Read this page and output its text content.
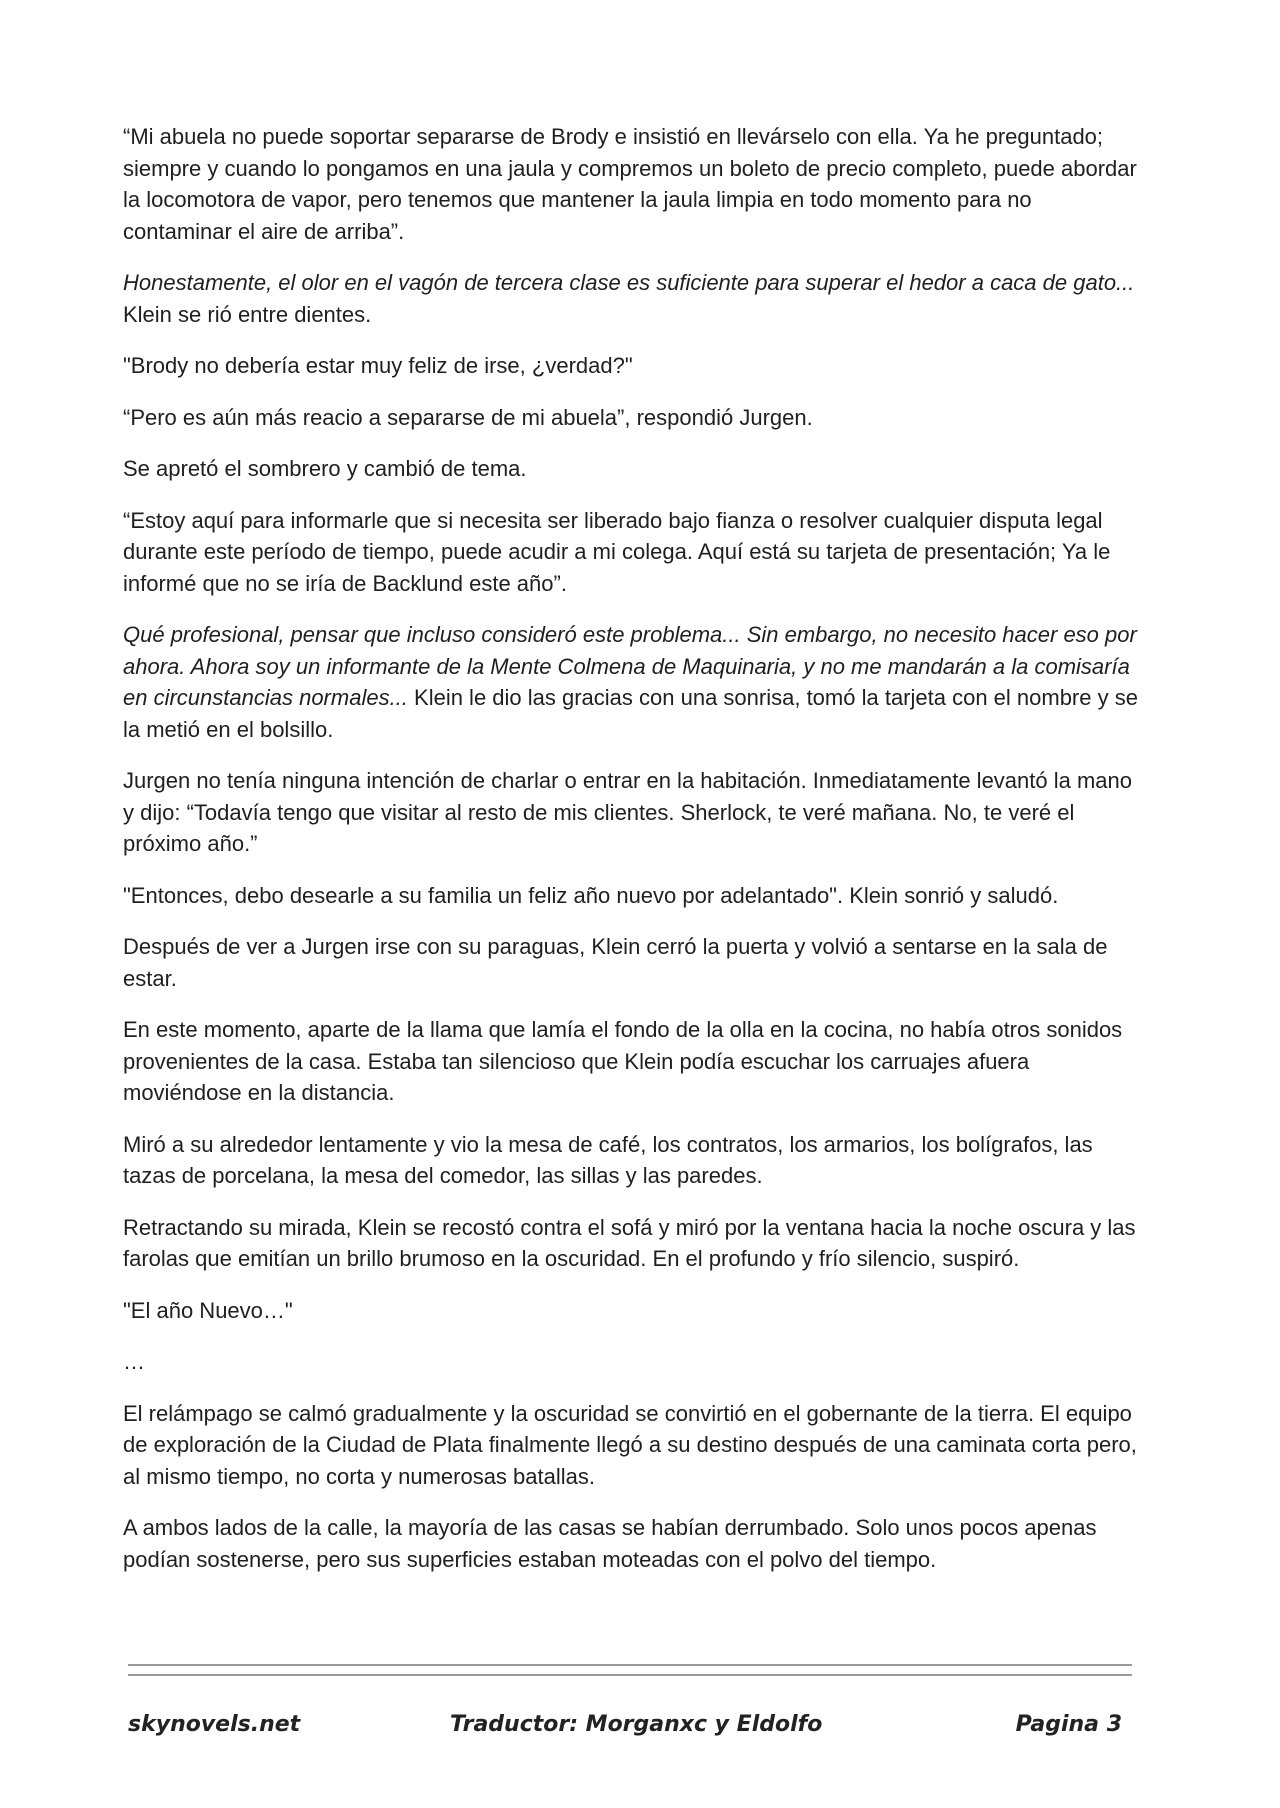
“Mi abuela no puede soportar separarse de Brody e insistió en llevárselo con ella. Ya he preguntado; siempre y cuando lo pongamos en una jaula y compremos un boleto de precio completo, puede abordar la locomotora de vapor, pero tenemos que mantener la jaula limpia en todo momento para no contaminar el aire de arriba”.

Honestamente, el olor en el vagón de tercera clase es suficiente para superar el hedor a caca de gato... Klein se rió entre dientes.

"Brody no debería estar muy feliz de irse, ¿verdad?"

“Pero es aún más reacio a separarse de mi abuela”, respondió Jurgen.

Se apretó el sombrero y cambió de tema.

“Estoy aquí para informarle que si necesita ser liberado bajo fianza o resolver cualquier disputa legal durante este período de tiempo, puede acudir a mi colega. Aquí está su tarjeta de presentación; Ya le informé que no se iría de Backlund este año”.

Qué profesional, pensar que incluso consideró este problema... Sin embargo, no necesito hacer eso por ahora. Ahora soy un informante de la Mente Colmena de Maquinaria, y no me mandarán a la comisaría en circunstancias normales... Klein le dio las gracias con una sonrisa, tomó la tarjeta con el nombre y se la metió en el bolsillo.

Jurgen no tenía ninguna intención de charlar o entrar en la habitación. Inmediatamente levantó la mano y dijo: “Todavía tengo que visitar al resto de mis clientes. Sherlock, te veré mañana. No, te veré el próximo año.”

"Entonces, debo desearle a su familia un feliz año nuevo por adelantado". Klein sonrió y saludó.

Después de ver a Jurgen irse con su paraguas, Klein cerró la puerta y volvió a sentarse en la sala de estar.

En este momento, aparte de la llama que lamía el fondo de la olla en la cocina, no había otros sonidos provenientes de la casa. Estaba tan silencioso que Klein podía escuchar los carruajes afuera moviéndose en la distancia.

Miró a su alrededor lentamente y vio la mesa de café, los contratos, los armarios, los bolígrafos, las tazas de porcelana, la mesa del comedor, las sillas y las paredes.

Retractando su mirada, Klein se recostó contra el sofá y miró por la ventana hacia la noche oscura y las farolas que emitían un brillo brumoso en la oscuridad. En el profundo y frío silencio, suspiró.

"El año Nuevo…"

…

El relámpago se calmó gradualmente y la oscuridad se convirtió en el gobernante de la tierra. El equipo de exploración de la Ciudad de Plata finalmente llegó a su destino después de una caminata corta pero, al mismo tiempo, no corta y numerosas batallas.

A ambos lados de la calle, la mayoría de las casas se habían derrumbado. Solo unos pocos apenas podían sostenerse, pero sus superficies estaban moteadas con el polvo del tiempo.

skynovels.net	Traductor: Morganxc y Eldolfo	Pagina 3
